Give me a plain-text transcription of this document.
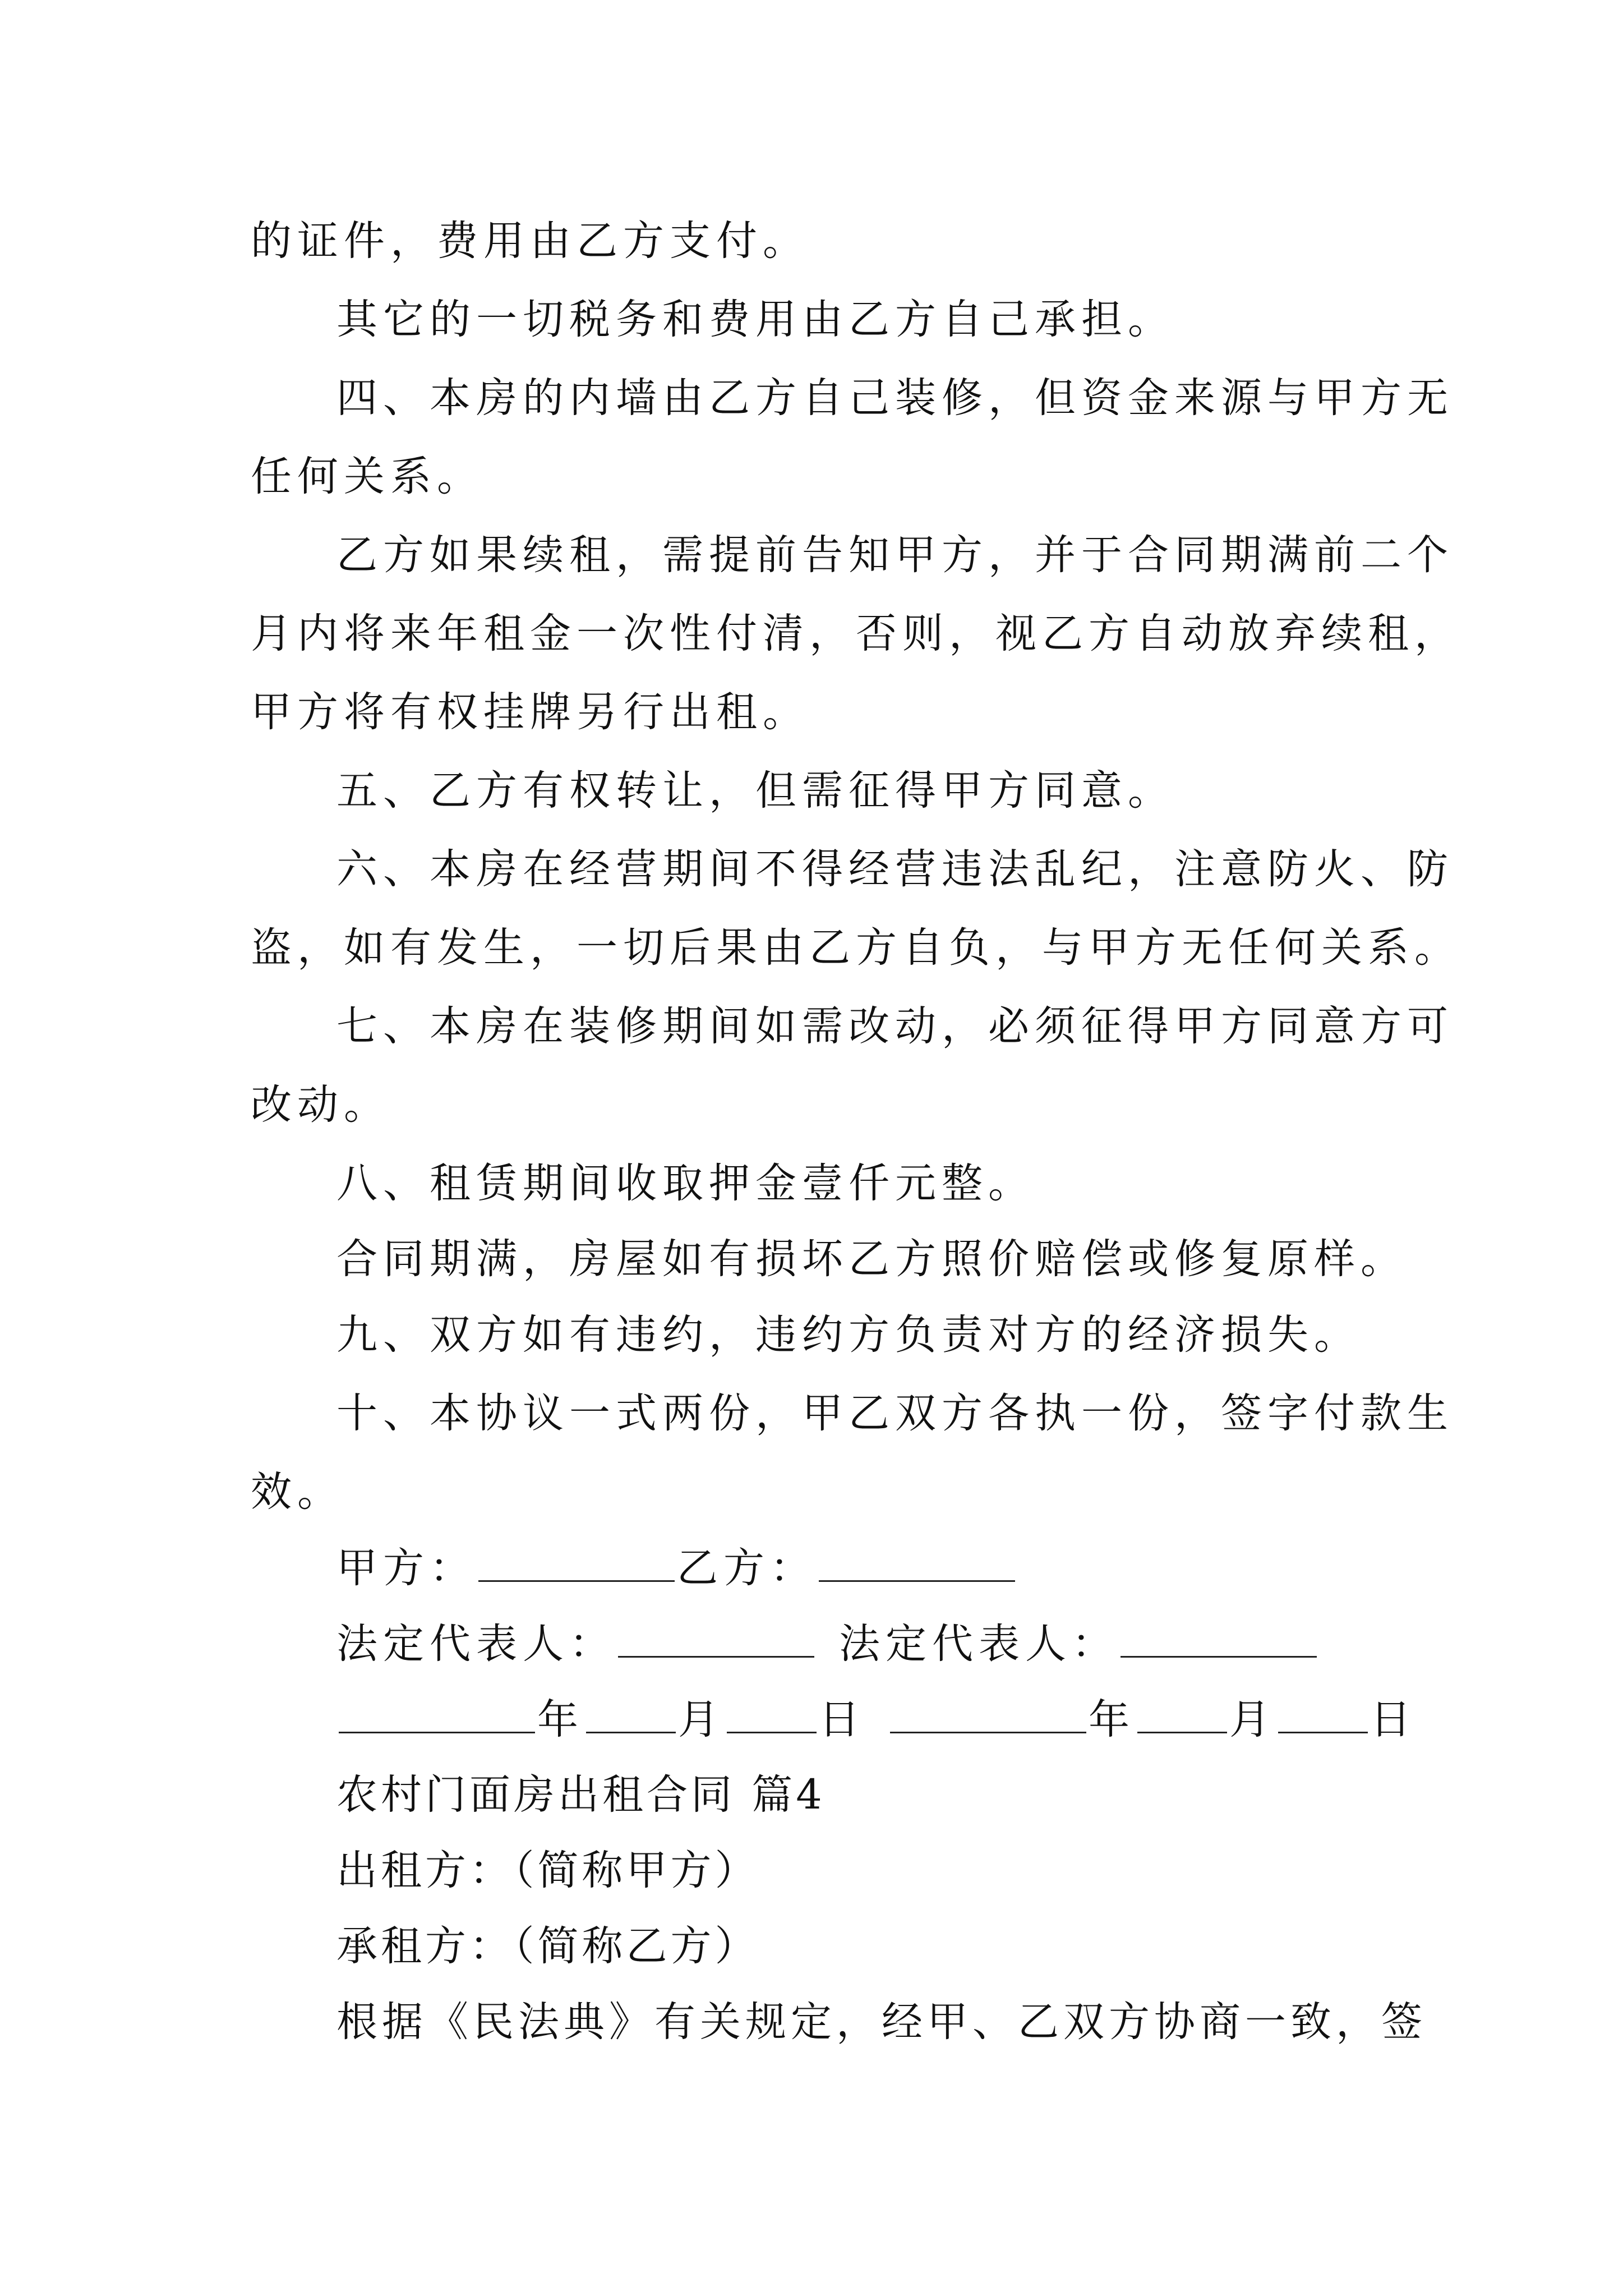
的证件，费用由乙方支付。
其它的一切税务和费用由乙方自己承担。
四、本房的内墙由乙方自己装修，但资金来源与甲方无
任何关系。
乙方如果续租，需提前告知甲方，并于合同期满前二个
月内将来年租金一次性付清，否则，视乙方自动放弃续租，
甲方将有权挂牌另行出租。
五、乙方有权转让，但需征得甲方同意。
六、本房在经营期间不得经营违法乱纪，注意防火、防
盗，如有发生，一切后果由乙方自负，与甲方无任何关系。
七、本房在装修期间如需改动，必须征得甲方同意方可
改动。
八、租赁期间收取押金壹仟元整。
合同期满，房屋如有损坏乙方照价赔偿或修复原样。
九、双方如有违约，违约方负责对方的经济损失。
十、本协议一式两份，甲乙双方各执一份，签字付款生
效。
甲方：	乙方：
法定代表人：	法定代表人：
年 月 日	年 月 日
农村门面房出租合同 篇4
出租方：（简称甲方）
承租方：（简称乙方）
根据《民法典》有关规定，经甲、乙双方协商一致，签
